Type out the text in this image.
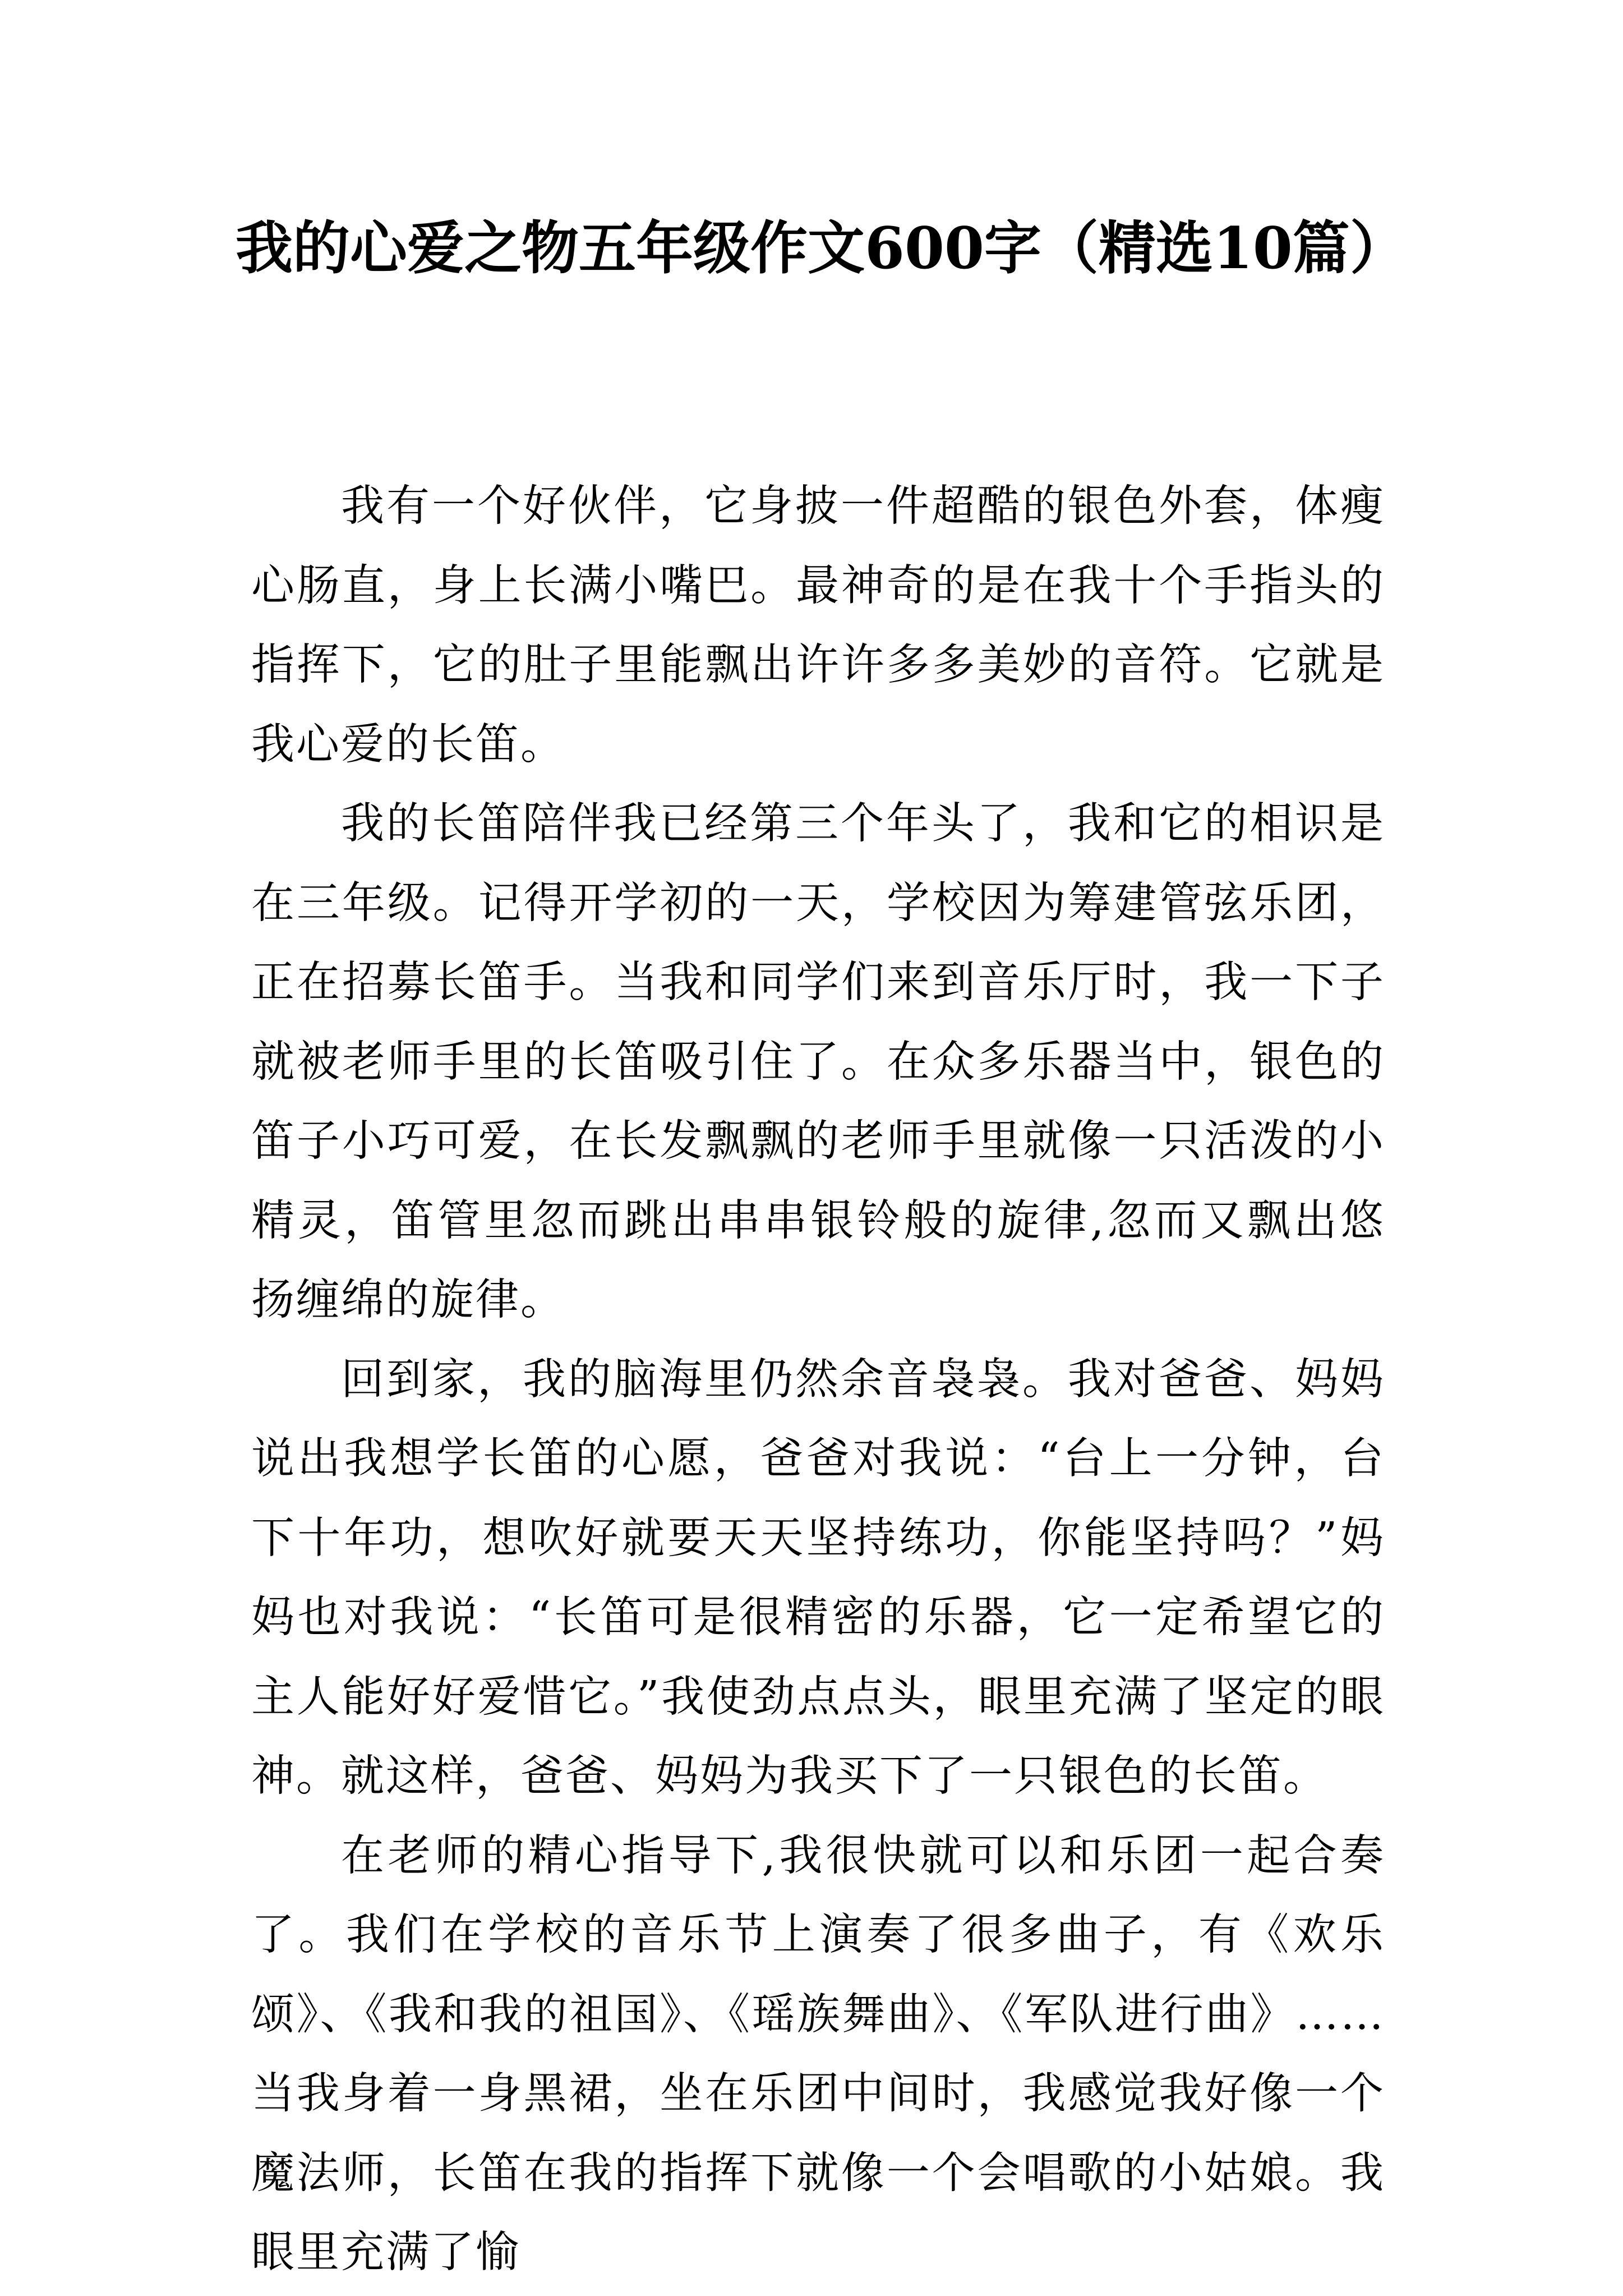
我的心爱之物五年级作文600字（精选10篇）

我有一个好伙伴，它身披一件超酷的银色外套，体瘦心肠直，身上长满小嘴巴。最神奇的是在我十个手指头的指挥下，它的肚子里能飘出许许多多美妙的音符。它就是我心爱的长笛。

我的长笛陪伴我已经第三个年头了，我和它的相识是在三年级。记得开学初的一天，学校因为筹建管弦乐团，正在招募长笛手。当我和同学们来到音乐厅时，我一下子就被老师手里的长笛吸引住了。在众多乐器当中，银色的笛子小巧可爱，在长发飘飘的老师手里就像一只活泼的小精灵，笛管里忽而跳出串串银铃般的旋律,忽而又飘出悠扬缠绵的旋律。

回到家，我的脑海里仍然余音袅袅。我对爸爸、妈妈说出我想学长笛的心愿，爸爸对我说：“台上一分钟，台下十年功，想吹好就要天天坚持练功，你能坚持吗？”妈妈也对我说：“长笛可是很精密的乐器，它一定希望它的主人能好好爱惜它。”我使劲点点头，眼里充满了坚定的眼神。就这样，爸爸、妈妈为我买下了一只银色的长笛。

在老师的精心指导下,我很快就可以和乐团一起合奏了。我们在学校的音乐节上演奏了很多曲子，有《欢乐颂》、《我和我的祖国》、《瑶族舞曲》、《军队进行曲》……当我身着一身黑裙，坐在乐团中间时，我感觉我好像一个魔法师，长笛在我的指挥下就像一个会唱歌的小姑娘。我眼里充满了愉
